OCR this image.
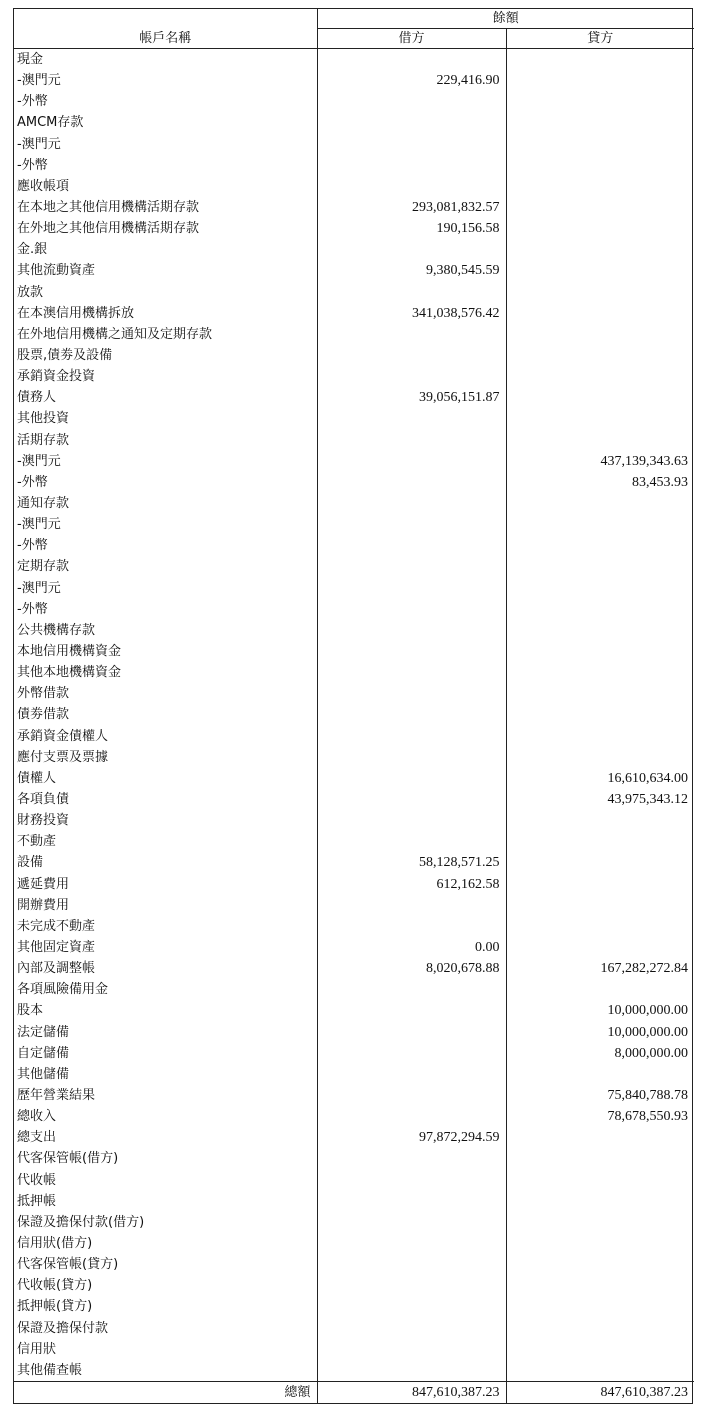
	餘額	
帳戶名稱	借方	貸方
現金		
-澳門元	229,416.90	
-外幣		
AMCM存款		
-澳門元		
-外幣		
應收帳項		
在本地之其他信用機構活期存款	293,081,832.57	
在外地之其他信用機構活期存款	190,156.58	
金.銀		
其他流動資產	9,380,545.59	
放款		
在本澳信用機構拆放	341,038,576.42	
在外地信用機構之通知及定期存款		
股票,債劵及設備		
承銷資金投資		
債務人	39,056,151.87	
其他投資		
活期存款		
-澳門元		437,139,343.63
-外幣		83,453.93
通知存款		
-澳門元		
-外幣		
定期存款		
-澳門元		
-外幣		
公共機構存款		
本地信用機構資金		
其他本地機構資金		
外幣借款		
債劵借款		
承銷資金債權人		
應付支票及票據		
債權人		16,610,634.00
各項負債		43,975,343.12
財務投資		
不動產		
設備	58,128,571.25	
遞延費用	612,162.58	
開辦費用		
未完成不動產		
其他固定資產	0.00	
內部及調整帳	8,020,678.88	167,282,272.84
各項風險備用金		
股本		10,000,000.00
法定儲備		10,000,000.00
自定儲備		8,000,000.00
其他儲備		
歷年營業結果		75,840,788.78
總收入		78,678,550.93
總支出	97,872,294.59	
代客保管帳(借方)		
代收帳		
抵押帳		
保證及擔保付款(借方)		
信用狀(借方)		
代客保管帳(貸方)		
代收帳(貸方)		
抵押帳(貸方)		
保證及擔保付款		
信用狀		
其他備查帳		
總額	847,610,387.23	847,610,387.23
